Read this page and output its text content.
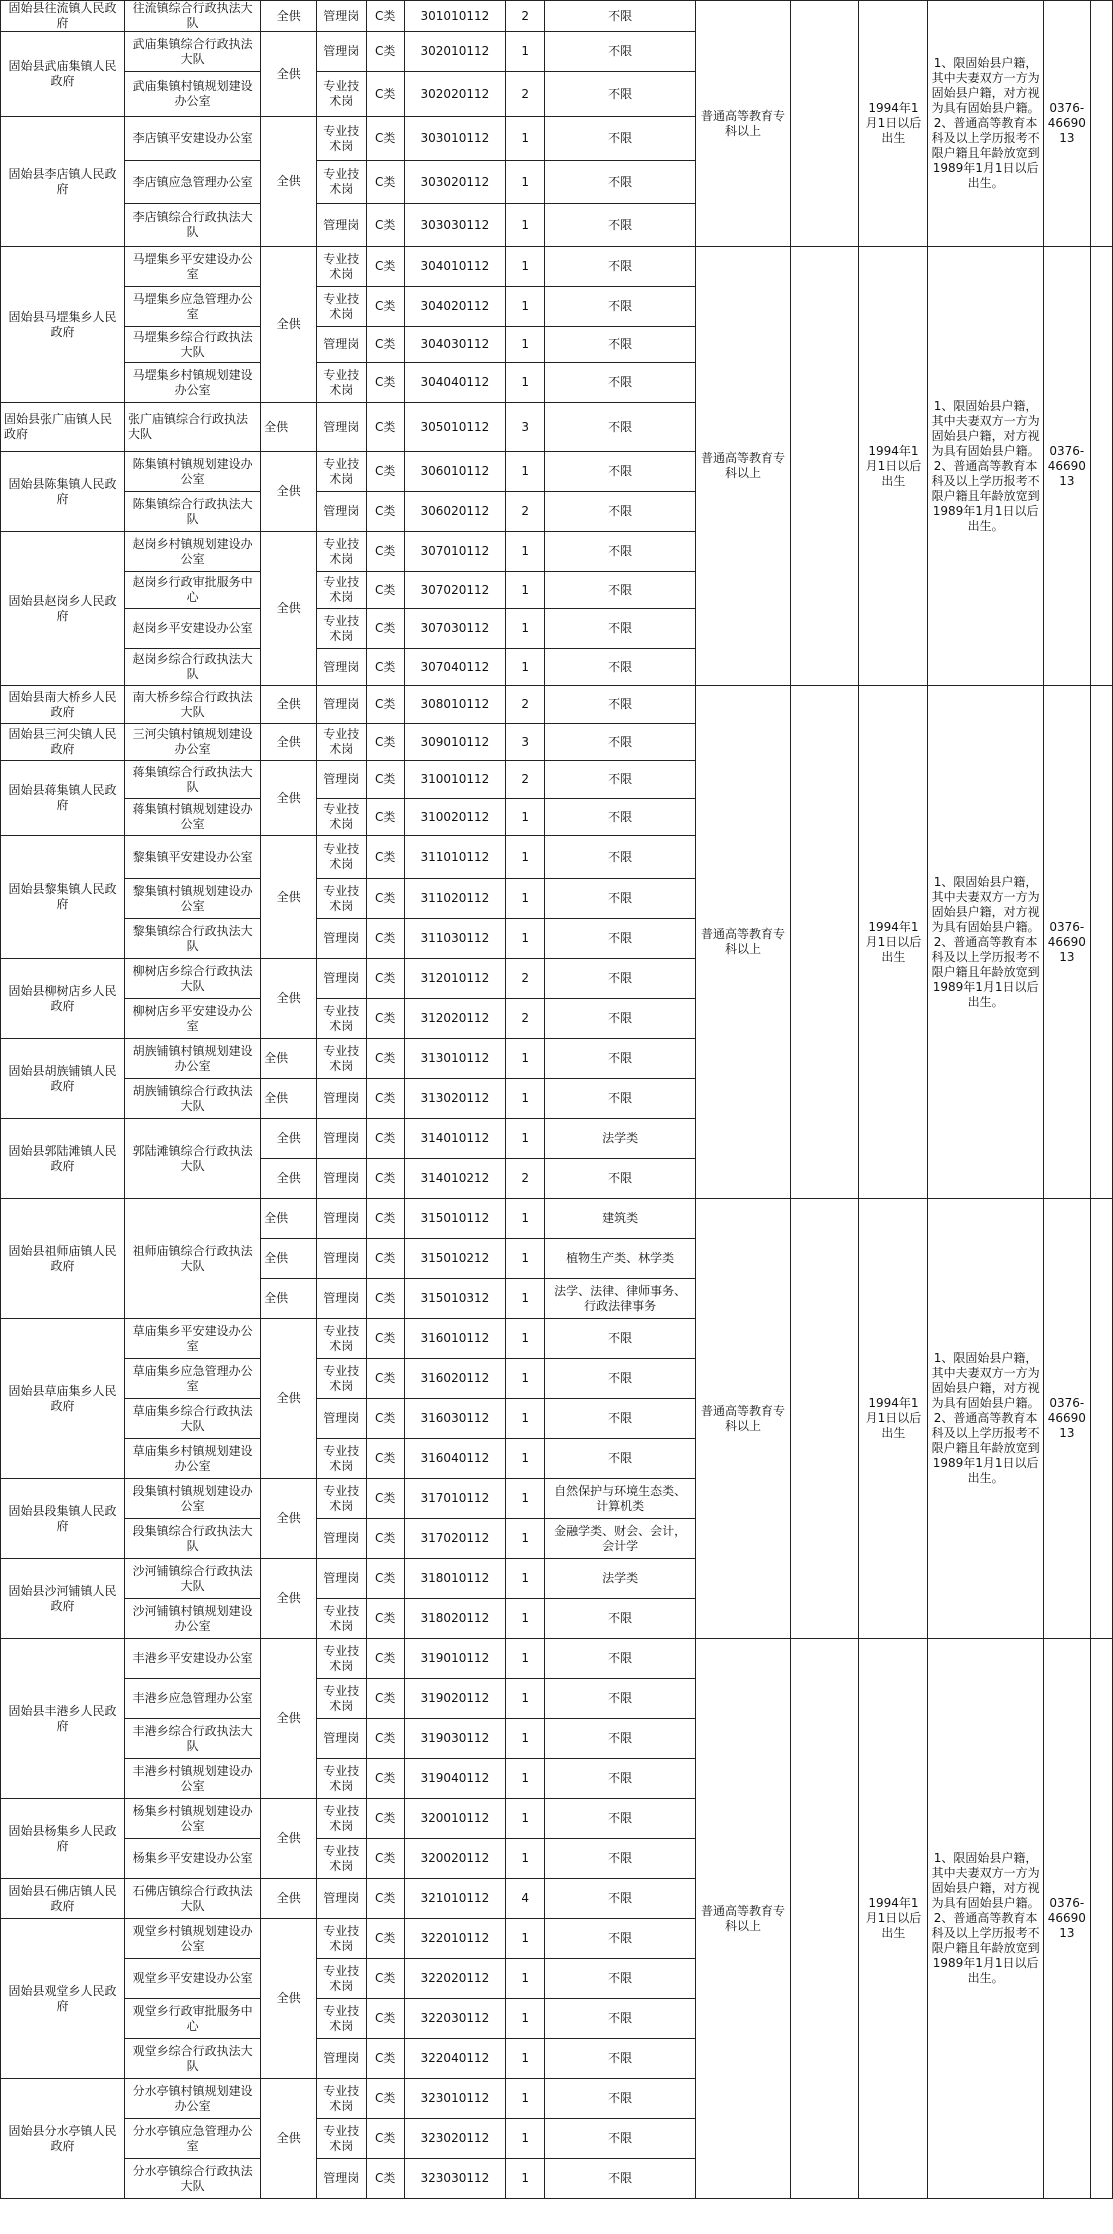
固始县往流镇人民政府	往流镇综合行政执法大队	全供	管理岗	C类	301010112	2	不限	普通高等教育专科以上		1994年1月1日以后出生	1、限固始县户籍，其中夫妻双方一方为固始县户籍，对方视为具有固始县户籍。2、普通高等教育本科及以上学历报考不限户籍且年龄放宽到1989年1月1日以后出生。	0376-4669013	
固始县武庙集镇人民政府	武庙集镇综合行政执法大队	全供	管理岗	C类	302010112	1	不限						
	武庙集镇村镇规划建设办公室		专业技术岗	C类	302020112	2	不限						
固始县李店镇人民政府	李店镇平安建设办公室	全供	专业技术岗	C类	303010112	1	不限						
	李店镇应急管理办公室		专业技术岗	C类	303020112	1	不限						
	李店镇综合行政执法大队		管理岗	C类	303030112	1	不限						
固始县马堽集乡人民政府	马堽集乡平安建设办公室	全供	专业技术岗	C类	304010112	1	不限	普通高等教育专科以上		1994年1月1日以后出生	1、限固始县户籍，其中夫妻双方一方为固始县户籍，对方视为具有固始县户籍。2、普通高等教育本科及以上学历报考不限户籍且年龄放宽到1989年1月1日以后出生。	0376-4669013	
	马堽集乡应急管理办公室		专业技术岗	C类	304020112	1	不限						
	马堽集乡综合行政执法大队		管理岗	C类	304030112	1	不限						
	马堽集乡村镇规划建设办公室		专业技术岗	C类	304040112	1	不限						
固始县张广庙镇人民政府	张广庙镇综合行政执法大队	全供	管理岗	C类	305010112	3	不限						
固始县陈集镇人民政府	陈集镇村镇规划建设办公室	全供	专业技术岗	C类	306010112	1	不限						
	陈集镇综合行政执法大队		管理岗	C类	306020112	2	不限						
固始县赵岗乡人民政府	赵岗乡村镇规划建设办公室	全供	专业技术岗	C类	307010112	1	不限						
	赵岗乡行政审批服务中心		专业技术岗	C类	307020112	1	不限						
	赵岗乡平安建设办公室		专业技术岗	C类	307030112	1	不限						
	赵岗乡综合行政执法大队		管理岗	C类	307040112	1	不限						
固始县南大桥乡人民政府	南大桥乡综合行政执法大队	全供	管理岗	C类	308010112	2	不限	普通高等教育专科以上		1994年1月1日以后出生	1、限固始县户籍，其中夫妻双方一方为固始县户籍，对方视为具有固始县户籍。2、普通高等教育本科及以上学历报考不限户籍且年龄放宽到1989年1月1日以后出生。	0376-4669013	
固始县三河尖镇人民政府	三河尖镇村镇规划建设办公室	全供	专业技术岗	C类	309010112	3	不限						
固始县蒋集镇人民政府	蒋集镇综合行政执法大队	全供	管理岗	C类	310010112	2	不限						
	蒋集镇村镇规划建设办公室		专业技术岗	C类	310020112	1	不限						
固始县黎集镇人民政府	黎集镇平安建设办公室	全供	专业技术岗	C类	311010112	1	不限						
	黎集镇村镇规划建设办公室		专业技术岗	C类	311020112	1	不限						
	黎集镇综合行政执法大队		管理岗	C类	311030112	1	不限						
固始县柳树店乡人民政府	柳树店乡综合行政执法大队	全供	管理岗	C类	312010112	2	不限						
	柳树店乡平安建设办公室		专业技术岗	C类	312020112	2	不限						
固始县胡族铺镇人民政府	胡族铺镇村镇规划建设办公室	全供	专业技术岗	C类	313010112	1	不限						
	胡族铺镇综合行政执法大队	全供	管理岗	C类	313020112	1	不限						
固始县郭陆滩镇人民政府	郭陆滩镇综合行政执法大队	全供	管理岗	C类	314010112	1	法学类						
		全供	管理岗	C类	314010212	2	不限						
固始县祖师庙镇人民政府	祖师庙镇综合行政执法大队	全供	管理岗	C类	315010112	1	建筑类	普通高等教育专科以上		1994年1月1日以后出生	1、限固始县户籍，其中夫妻双方一方为固始县户籍，对方视为具有固始县户籍。2、普通高等教育本科及以上学历报考不限户籍且年龄放宽到1989年1月1日以后出生。	0376-4669013	
		全供	管理岗	C类	315010212	1	植物生产类、林学类						
		全供	管理岗	C类	315010312	1	法学、法律、律师事务、行政法律事务						
固始县草庙集乡人民政府	草庙集乡平安建设办公室	全供	专业技术岗	C类	316010112	1	不限						
	草庙集乡应急管理办公室		专业技术岗	C类	316020112	1	不限						
	草庙集乡综合行政执法大队		管理岗	C类	316030112	1	不限						
	草庙集乡村镇规划建设办公室		专业技术岗	C类	316040112	1	不限						
固始县段集镇人民政府	段集镇村镇规划建设办公室	全供	专业技术岗	C类	317010112	1	自然保护与环境生态类、计算机类						
	段集镇综合行政执法大队		管理岗	C类	317020112	1	金融学类、财会、会计，会计学						
固始县沙河铺镇人民政府	沙河铺镇综合行政执法大队	全供	管理岗	C类	318010112	1	法学类						
	沙河铺镇村镇规划建设办公室		专业技术岗	C类	318020112	1	不限						
固始县丰港乡人民政府	丰港乡平安建设办公室	全供	专业技术岗	C类	319010112	1	不限	普通高等教育专科以上		1994年1月1日以后出生	1、限固始县户籍，其中夫妻双方一方为固始县户籍，对方视为具有固始县户籍。2、普通高等教育本科及以上学历报考不限户籍且年龄放宽到1989年1月1日以后出生。	0376-4669013	
	丰港乡应急管理办公室		专业技术岗	C类	319020112	1	不限						
	丰港乡综合行政执法大队		管理岗	C类	319030112	1	不限						
	丰港乡村镇规划建设办公室		专业技术岗	C类	319040112	1	不限						
固始县杨集乡人民政府	杨集乡村镇规划建设办公室	全供	专业技术岗	C类	320010112	1	不限						
	杨集乡平安建设办公室		专业技术岗	C类	320020112	1	不限						
固始县石佛店镇人民政府	石佛店镇综合行政执法大队	全供	管理岗	C类	321010112	4	不限						
固始县观堂乡人民政府	观堂乡村镇规划建设办公室	全供	专业技术岗	C类	322010112	1	不限						
	观堂乡平安建设办公室		专业技术岗	C类	322020112	1	不限						
	观堂乡行政审批服务中心		专业技术岗	C类	322030112	1	不限						
	观堂乡综合行政执法大队		管理岗	C类	322040112	1	不限						
固始县分水亭镇人民政府	分水亭镇村镇规划建设办公室	全供	专业技术岗	C类	323010112	1	不限						
	分水亭镇应急管理办公室		专业技术岗	C类	323020112	1	不限						
	分水亭镇综合行政执法大队		管理岗	C类	323030112	1	不限						
